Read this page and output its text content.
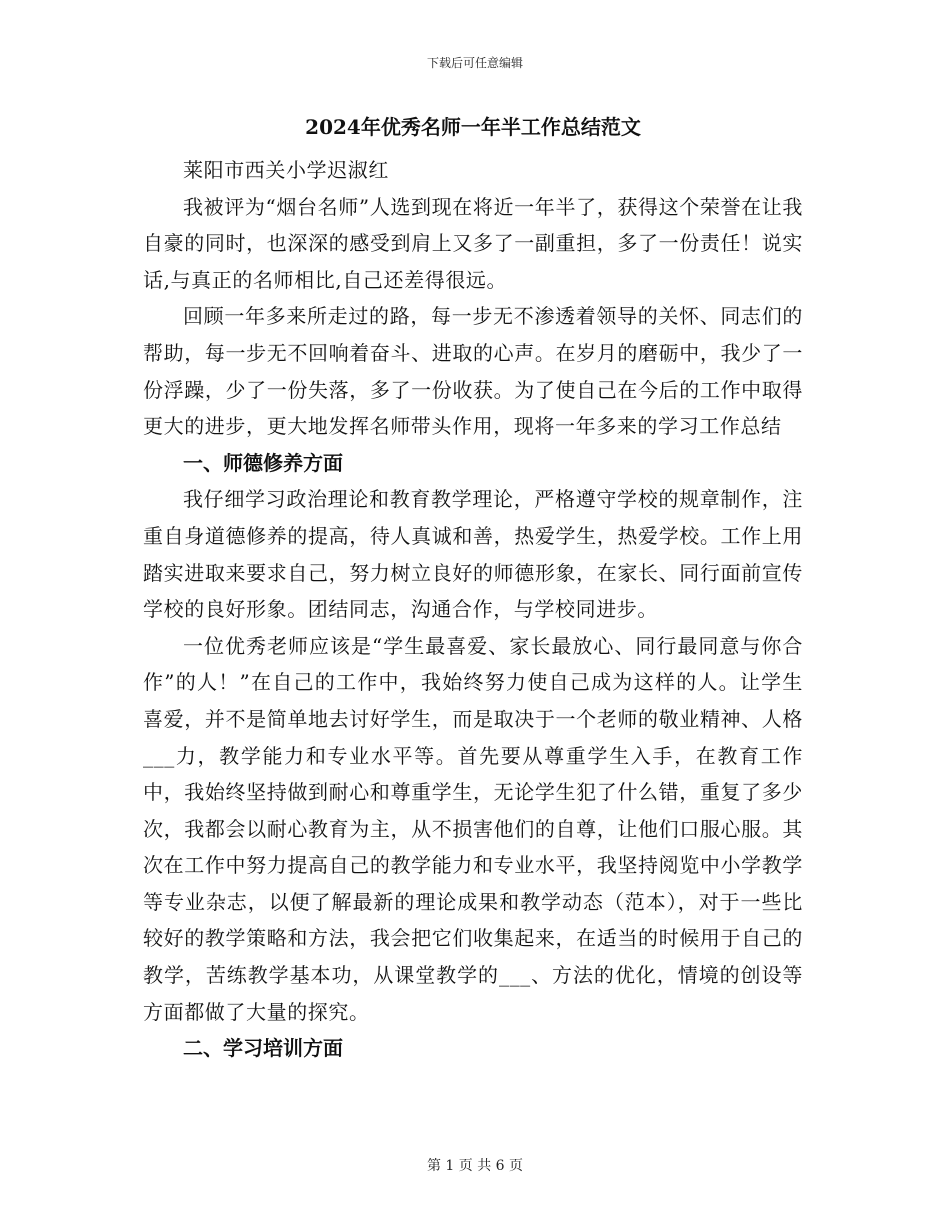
下载后可任意编辑
2024年优秀名师一年半工作总结范文

莱阳市西关小学迟淑红

我被评为“烟台名师”人选到现在将近一年半了，获得这个荣誉在让我自豪的同时，也深深的感受到肩上又多了一副重担，多了一份责任！说实话,与真正的名师相比,自己还差得很远。

回顾一年多来所走过的路，每一步无不渗透着领导的关怀、同志们的帮助，每一步无不回响着奋斗、进取的心声。在岁月的磨砺中，我少了一份浮躁，少了一份失落，多了一份收获。为了使自己在今后的工作中取得更大的进步，更大地发挥名师带头作用，现将一年多来的学习工作总结

一、师德修养方面

我仔细学习政治理论和教育教学理论，严格遵守学校的规章制作，注重自身道德修养的提高，待人真诚和善，热爱学生，热爱学校。工作上用踏实进取来要求自己，努力树立良好的师德形象，在家长、同行面前宣传学校的良好形象。团结同志，沟通合作，与学校同进步。

一位优秀老师应该是“学生最喜爱、家长最放心、同行最同意与你合作”的人！”在自己的工作中，我始终努力使自己成为这样的人。让学生喜爱，并不是简单地去讨好学生，而是取决于一个老师的敬业精神、人格___力，教学能力和专业水平等。首先要从尊重学生入手，在教育工作中，我始终坚持做到耐心和尊重学生，无论学生犯了什么错，重复了多少次，我都会以耐心教育为主，从不损害他们的自尊，让他们口服心服。其次在工作中努力提高自己的教学能力和专业水平，我坚持阅览中小学教学等专业杂志，以便了解最新的理论成果和教学动态（范本），对于一些比较好的教学策略和方法，我会把它们收集起来，在适当的时候用于自己的教学，苦练教学基本功，从课堂教学的___、方法的优化，情境的创设等方面都做了大量的探究。

二、学习培训方面

第 1 页 共 6 页
